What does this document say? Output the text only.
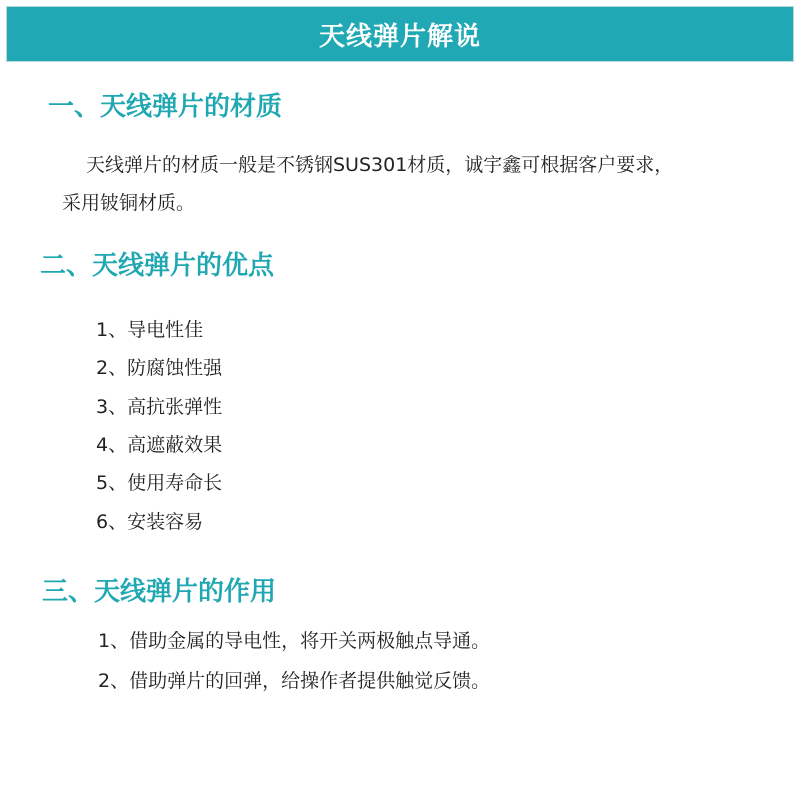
天线弹片解说
一、天线弹片的材质
天线弹片的材质一般是不锈钢SUS301材质，诚宇鑫可根据客户要求，
采用铍铜材质。
二、天线弹片的优点
1、导电性佳
2、防腐蚀性强
3、高抗张弹性
4、高遮蔽效果
5、使用寿命长
6、安装容易
三、天线弹片的作用
1、借助金属的导电性，将开关两极触点导通。
2、借助弹片的回弹，给操作者提供触觉反馈。
